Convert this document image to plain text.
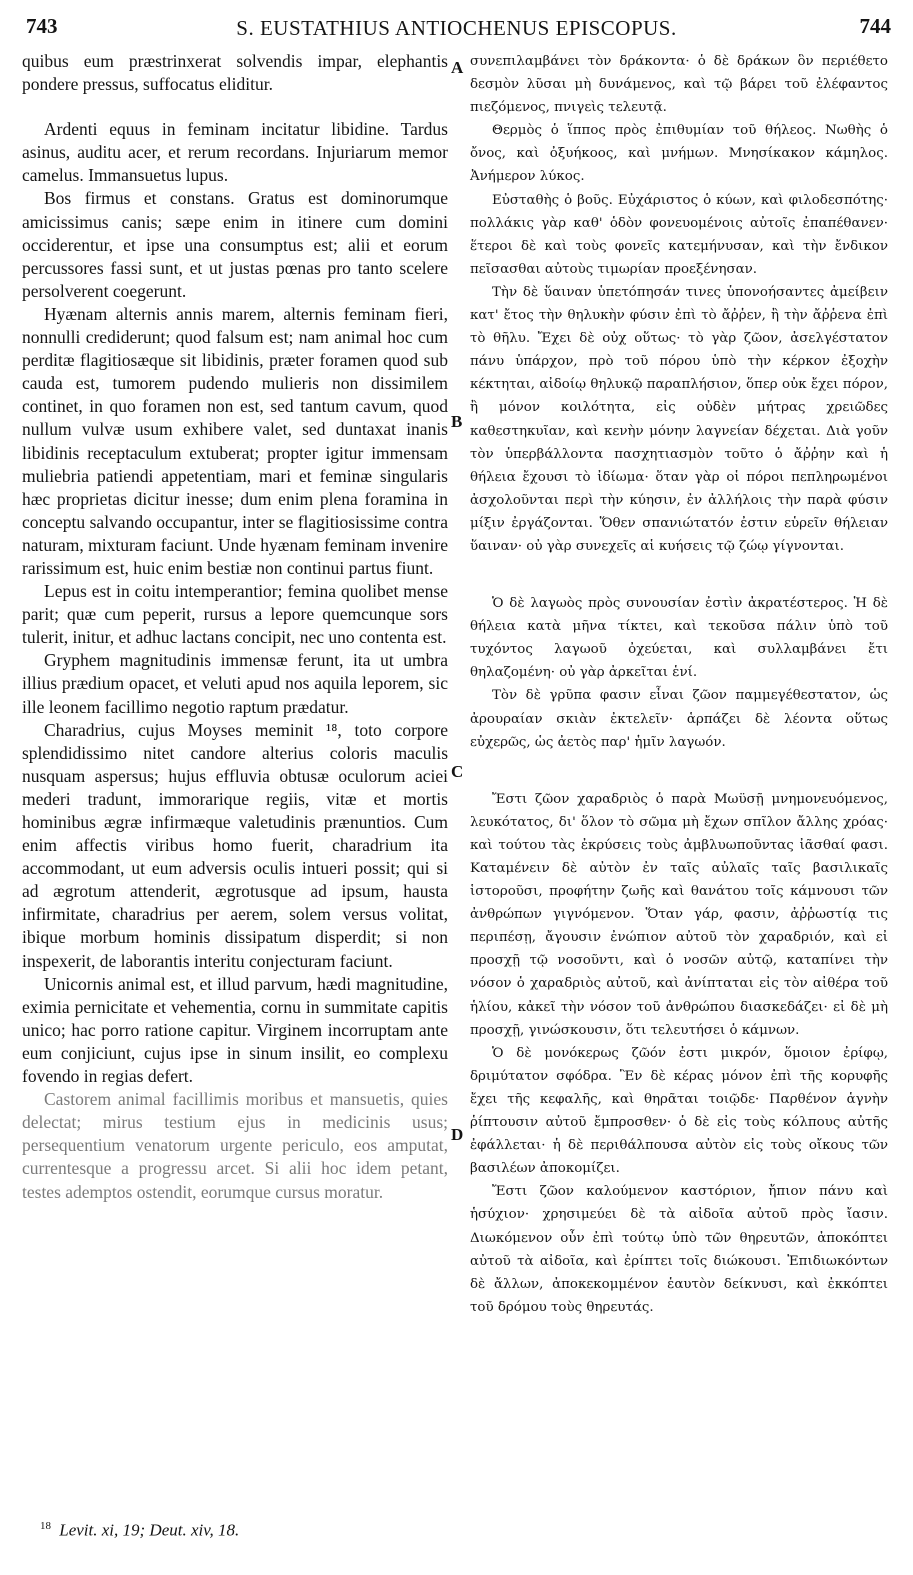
743	S. EUSTATHIUS ANTIOCHENUS EPISCOPUS.	744

quibus eum præstrinxerat solvendis impar, elephantis pondere pressus, suffocatus eliditur.

Ardenti equus in feminam incitatur libidine. Tardus asinus, auditu acer, et rerum recordans. Injuriarum memor camelus. Immansuetus lupus.

Bos firmus et constans. Gratus est dominorumque amicissimus canis; sæpe enim in itinere cum domini occiderentur, et ipse una consumptus est; alii et eorum percussores fassi sunt, et ut justas pœnas pro tanto scelere persolverent coegerunt.

Hyænam alternis annis marem, alternis feminam fieri, nonnulli crediderunt; quod falsum est; nam animal hoc cum perditæ flagitiosæque sit libidinis, præter foramen quod sub cauda est, tumorem pudendo mulieris non dissimilem continet, in quo foramen non est, sed tantum cavum, quod nullum vulvæ usum exhibere valet, sed duntaxat inanis libidinis receptaculum extuberat; propter igitur immensam muliebria patiendi appetentiam, mari et feminæ singularis hæc proprietas dicitur inesse; dum enim plena foramina in conceptu salvando occupantur, inter se flagitiosissime contra naturam, mixturam faciunt. Unde hyænam feminam invenire rarissimum est, huic enim bestiæ non continui partus fiunt.

Lepus est in coitu intemperantior; femina quolibet mense parit; quæ cum peperit, rursus a lepore quemcunque sors tulerit, initur, et adhuc lactans concipit, nec uno contenta est.

Gryphem magnitudinis immensæ ferunt, ita ut umbra illius prædium opacet, et veluti apud nos aquila leporem, sic ille leonem facillimo negotio raptum prædatur.

Charadrius, cujus Moyses meminit ¹⁸, toto corpore splendidissimo nitet candore alterius coloris maculis nusquam aspersus; hujus effluvia obtusæ oculorum aciei mederi tradunt, immorarique regiis, vitæ et mortis hominibus ægræ infirmæque valetudinis prænuntios. Cum enim affectis viribus homo fuerit, charadrium ita accommodant, ut eum adversis oculis intueri possit; qui si ad ægrotum attenderit, ægrotusque ad ipsum, hausta infirmitate, charadrius per aerem, solem versus volitat, ibique morbum hominis dissipatum disperdit; si non inspexerit, de laborantis interitu conjecturam faciunt.

Unicornis animal est, et illud parvum, hædi magnitudine, eximia pernicitate et vehementia, cornu in summitate capitis unico; hac porro ratione capitur. Virginem incorruptam ante eum conjiciunt, cujus ipse in sinum insilit, eo complexu fovendo in regias defert.

Castorem animal facillimis moribus et mansuetis, quies delectat; mirus testium ejus in medicinis usus; persequentium venatorum urgente periculo, eos amputat, currentesque a progressu arcet. Si alii hoc idem petant, testes ademptos ostendit, eorumque cursus moratur.

A
B
C
D

συνεπιλαμβάνει τὸν δράκοντα· ὁ δὲ δράκων ὃν περιέθετο δεσμὸν λῦσαι μὴ δυνάμενος, καὶ τῷ βάρει τοῦ ἐλέφαντος πιεζόμενος, πνιγεὶς τελευτᾷ.

Θερμὸς ὁ ἵππος πρὸς ἐπιθυμίαν τοῦ θήλεος. Νωθὴς ὁ ὄνος, καὶ ὀξυήκοος, καὶ μνήμων. Μνησίκακον κάμηλος. Ἀνήμερον λύκος.

Εὐσταθὴς ὁ βοῦς. Εὐχάριστος ὁ κύων, καὶ φιλοδεσπότης· πολλάκις γὰρ καθ' ὁδὸν φονευομένοις αὐτοῖς ἐπαπέθανεν· ἕτεροι δὲ καὶ τοὺς φονεῖς κατεμήνυσαν, καὶ τὴν ἔνδικον πεῖσασθαι αὐτοὺς τιμωρίαν προεξένησαν.

Τὴν δὲ ὕαιναν ὑπετόπησάν τινες ὑπονοήσαντες ἀμείβειν κατ' ἔτος τὴν θηλυκὴν φύσιν ἐπὶ τὸ ἄῤῥεν, ἢ τὴν ἄῤῥενα ἐπὶ τὸ θῆλυ. Ἔχει δὲ οὐχ οὕτως· τὸ γὰρ ζῶον, ἀσελγέστατον πάνυ ὑπάρχον, πρὸ τοῦ πόρου ὑπὸ τὴν κέρκον ἐξοχὴν κέκτηται, αἰδοίῳ θηλυκῷ παραπλήσιον, ὅπερ οὐκ ἔχει πόρον, ἢ μόνον κοιλότητα, εἰς οὐδὲν μήτρας χρειῶδες καθεστηκυῖαν, καὶ κενὴν μόνην λαγνείαν δέχεται. Διὰ γοῦν τὸν ὑπερβάλλοντα πασχητιασμὸν τοῦτο ὁ ἄῤῥην καὶ ἡ θήλεια ἔχουσι τὸ ἰδίωμα· ὅταν γὰρ οἱ πόροι πεπληρωμένοι ἀσχολοῦνται περὶ τὴν κύησιν, ἐν ἀλλήλοις τὴν παρὰ φύσιν μίξιν ἐργάζονται. Ὅθεν σπανιώτατόν ἐστιν εὑρεῖν θήλειαν ὕαιναν· οὐ γὰρ συνεχεῖς αἱ κυήσεις τῷ ζώῳ γίγνονται.

Ὁ δὲ λαγωὸς πρὸς συνουσίαν ἐστὶν ἀκρατέστερος. Ἡ δὲ θήλεια κατὰ μῆνα τίκτει, καὶ τεκοῦσα πάλιν ὑπὸ τοῦ τυχόντος λαγωοῦ ὀχεύεται, καὶ συλλαμβάνει ἔτι θηλαζομένη· οὐ γὰρ ἀρκεῖται ἑνί.

Τὸν δὲ γρῦπα φασιν εἶναι ζῶον παμμεγέθεστατον, ὡς ἀρουραίαν σκιὰν ἐκτελεῖν· ἁρπάζει δὲ λέοντα οὕτως εὐχερῶς, ὡς ἀετὸς παρ' ἡμῖν λαγωόν.

Ἔστι ζῶον χαραδριὸς ὁ παρὰ Μωϋσῇ μνημονευόμενος, λευκότατος, δι' ὅλον τὸ σῶμα μὴ ἔχων σπῖλον ἄλλης χρόας· καὶ τούτου τὰς ἐκρύσεις τοὺς ἀμβλυωποῦντας ἰᾶσθαί φασι. Καταμένειν δὲ αὐτὸν ἐν ταῖς αὐλαῖς ταῖς βασιλικαῖς ἱστοροῦσι, προφήτην ζωῆς καὶ θανάτου τοῖς κάμνουσι τῶν ἀνθρώπων γιγνόμενον. Ὅταν γάρ, φασιν, ἀῤῥωστίᾳ τις περιπέσῃ, ἄγουσιν ἐνώπιον αὐτοῦ τὸν χαραδριόν, καὶ εἰ προσχῇ τῷ νοσοῦντι, καὶ ὁ νοσῶν αὐτῷ, καταπίνει τὴν νόσον ὁ χαραδριὸς αὐτοῦ, καὶ ἀνίπταται εἰς τὸν αἰθέρα τοῦ ἡλίου, κἀκεῖ τὴν νόσον τοῦ ἀνθρώπου διασκεδάζει· εἰ δὲ μὴ προσχῇ, γινώσκουσιν, ὅτι τελευτήσει ὁ κάμνων.

Ὁ δὲ μονόκερως ζῶόν ἐστι μικρόν, ὅμοιον ἐρίφῳ, δριμύτατον σφόδρα. Ἓν δὲ κέρας μόνον ἐπὶ τῆς κορυφῆς ἔχει τῆς κεφαλῆς, καὶ θηρᾶται τοιῷδε· Παρθένον ἁγνὴν ῥίπτουσιν αὐτοῦ ἔμπροσθεν· ὁ δὲ εἰς τοὺς κόλπους αὐτῆς ἐφάλλεται· ἡ δὲ περιθάλπουσα αὐτὸν εἰς τοὺς οἴκους τῶν βασιλέων ἀποκομίζει.

Ἔστι ζῶον καλούμενον καστόριον, ἤπιον πάνυ καὶ ἡσύχιον· χρησιμεύει δὲ τὰ αἰδοῖα αὐτοῦ πρὸς ἴασιν. Διωκόμενον οὖν ἐπὶ τούτῳ ὑπὸ τῶν θηρευτῶν, ἀποκόπτει αὐτοῦ τὰ αἰδοῖα, καὶ ἐρίπτει τοῖς διώκουσι. Ἐπιδιωκόντων δὲ ἄλλων, ἀποκεκομμένον ἑαυτὸν δείκνυσι, καὶ ἐκκόπτει τοῦ δρόμου τοὺς θηρευτάς.

$^{18}$ Levit. xi, 19; Deut. xiv, 18.
